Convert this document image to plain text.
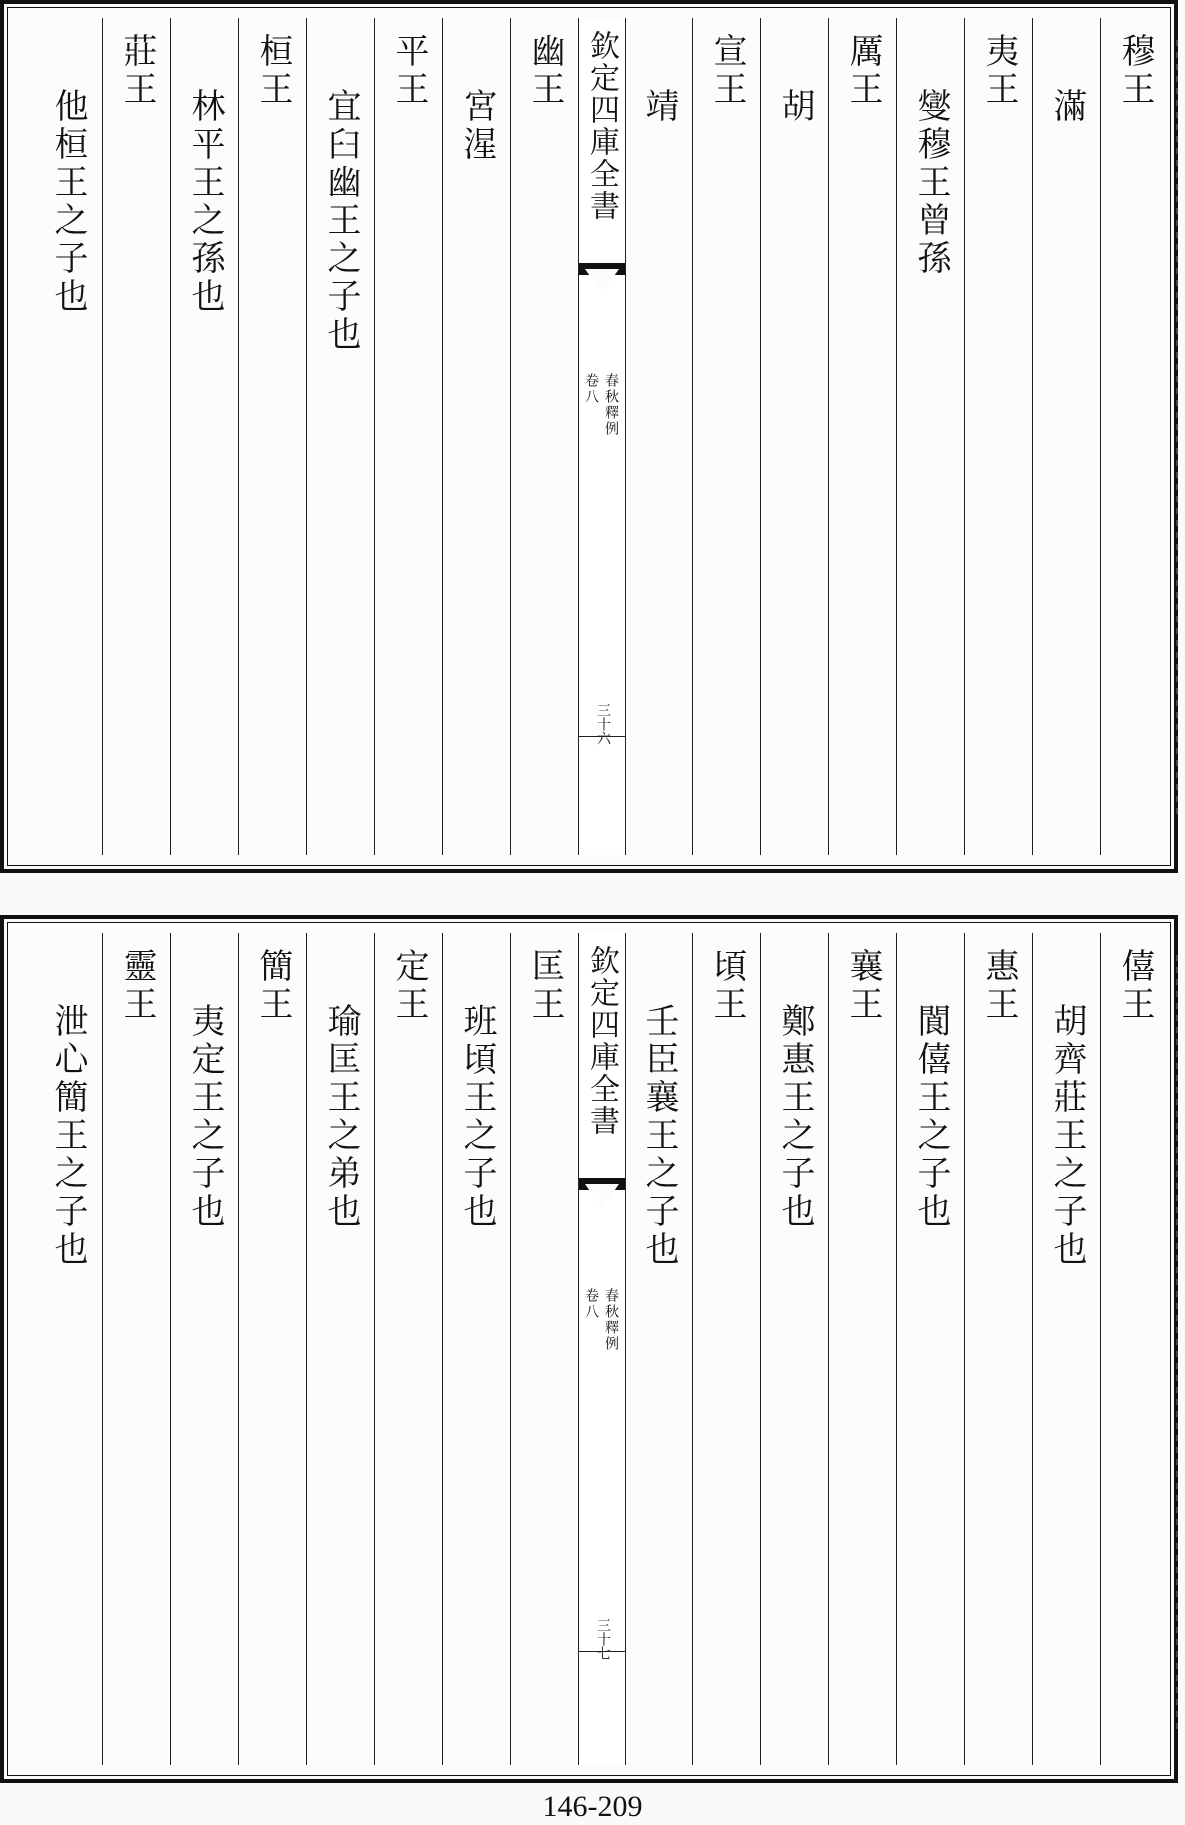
穆王
滿
夷王
燮穆王曾孫
厲王
胡
宣王
靖
欽定四庫全書
春秋釋例
卷八
三十六
幽王
宮湦
平王
宜臼幽王之子也
桓王
林平王之孫也
莊王
他桓王之子也
僖王
胡齊莊王之子也
惠王
閬僖王之子也
襄王
鄭惠王之子也
頃王
壬臣襄王之子也
欽定四庫全書
春秋釋例
卷八
三十七
匡王
班頃王之子也
定王
瑜匡王之弟也
簡王
夷定王之子也
靈王
泄心簡王之子也
146-209
